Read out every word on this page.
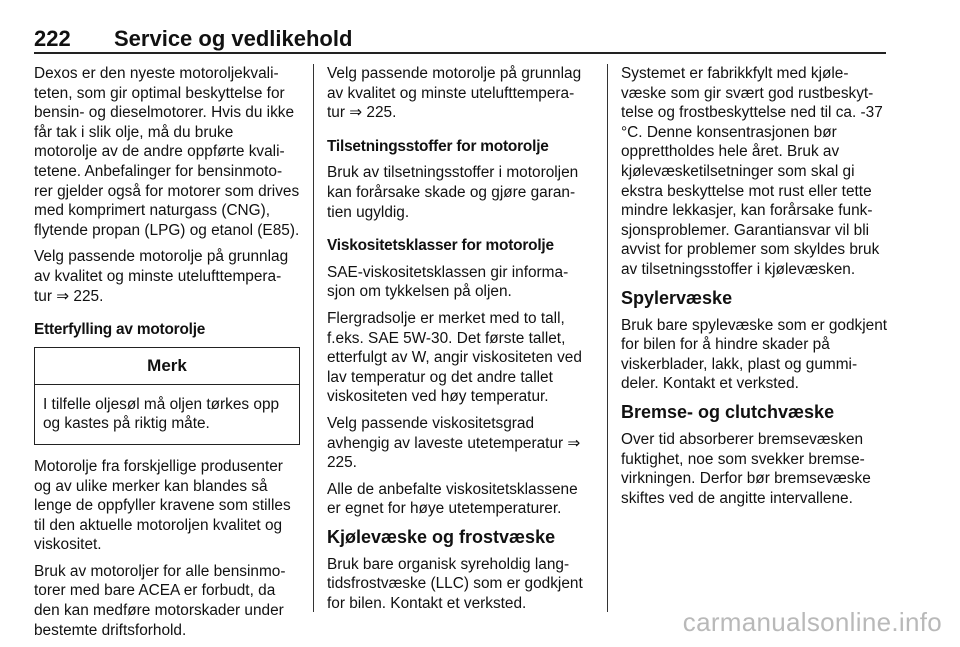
222 Service og vedlikehold

Dexos er den nyeste motoroljekvali- teten, som gir optimal beskyttelse for bensin- og dieselmotorer. Hvis du ikke får tak i slik olje, må du bruke motorolje av de andre oppførte kvali- tetene. Anbefalinger for bensinmoto- rer gjelder også for motorer som drives med komprimert naturgass (CNG), flytende propan (LPG) og etanol (E85).

Velg passende motorolje på grunnlag av kvalitet og minste utelufttempera- tur ⇒ 225.

Etterfylling av motorolje

Merk
I tilfelle oljesøl må oljen tørkes opp og kastes på riktig måte.

Motorolje fra forskjellige produsenter og av ulike merker kan blandes så lenge de oppfyller kravene som stilles til den aktuelle motoroljen kvalitet og viskositet.

Bruk av motoroljer for alle bensinmo- torer med bare ACEA er forbudt, da den kan medføre motorskader under bestemte driftsforhold.

Velg passende motorolje på grunnlag av kvalitet og minste utelufttempera- tur ⇒ 225.

Tilsetningsstoffer for motorolje

Bruk av tilsetningsstoffer i motoroljen kan forårsake skade og gjøre garan- tien ugyldig.

Viskositetsklasser for motorolje

SAE-viskositetsklassen gir informa- sjon om tykkelsen på oljen.

Flergradsolje er merket med to tall, f.eks. SAE 5W-30. Det første tallet, etterfulgt av W, angir viskositeten ved lav temperatur og det andre tallet viskositeten ved høy temperatur.

Velg passende viskositetsgrad avhengig av laveste utetemperatur ⇒ 225.

Alle de anbefalte viskositetsklassene er egnet for høye utetemperaturer.

Kjølevæske og frostvæske

Bruk bare organisk syreholdig lang- tidsfrostvæske (LLC) som er godkjent for bilen. Kontakt et verksted.

Systemet er fabrikkfylt med kjøle- væske som gir svært god rustbeskyt- telse og frostbeskyttelse ned til ca. -37 °C. Denne konsentrasjonen bør opprettholdes hele året. Bruk av kjølevæsketilsetninger som skal gi ekstra beskyttelse mot rust eller tette mindre lekkasjer, kan forårsake funk- sjonsproblemer. Garantiansvar vil bli avvist for problemer som skyldes bruk av tilsetningsstoffer i kjølevæsken.

Spylervæske

Bruk bare spylevæske som er godkjent for bilen for å hindre skader på viskerblader, lakk, plast og gummi- deler. Kontakt et verksted.

Bremse- og clutchvæske

Over tid absorberer bremsevæsken fuktighet, noe som svekker bremse- virkningen. Derfor bør bremsevæske skiftes ved de angitte intervallene.

carmanualsonline.info
